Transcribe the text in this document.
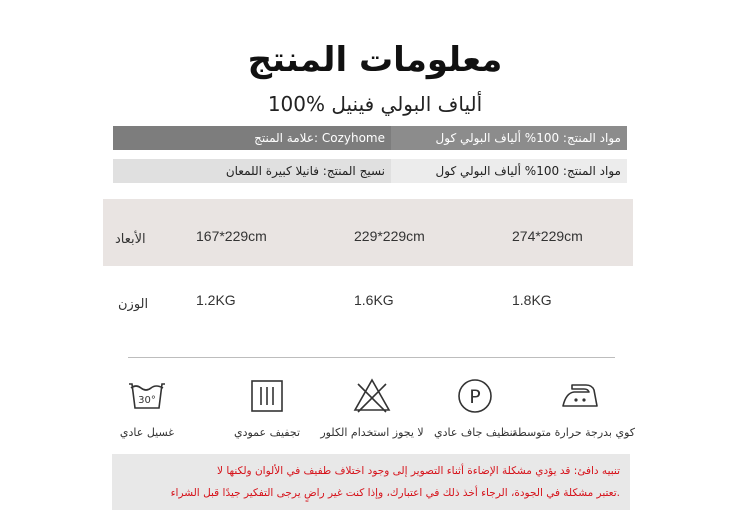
معلومات المنتج
ألياف البولي فينيل %100
مواد المنتج: 100% ألياف البولي كول
Cozyhome :علامة المنتج
مواد المنتج: 100% ألياف البولي كول
نسيج المنتج: فانيلا كبيرة اللمعان
الأبعاد	167*229cm	229*229cm	274*229cm
الوزن	1.2KG	1.6KG	1.8KG
30°
غسيل عادي	تجفيف عمودي	لا يجوز استخدام الكلور
P
تنظيف جاف عادي
كوي بدرجة حرارة متوسطة
تنبيه دافئ: قد يؤدي مشكلة الإضاءة أثناء التصوير إلى وجود اختلاف طفيف في الألوان ولكنها لا
.تعتبر مشكلة في الجودة، الرجاء أخذ ذلك في اعتبارك، وإذا كنت غير راضٍ يرجى التفكير جيدًا قبل الشراء
